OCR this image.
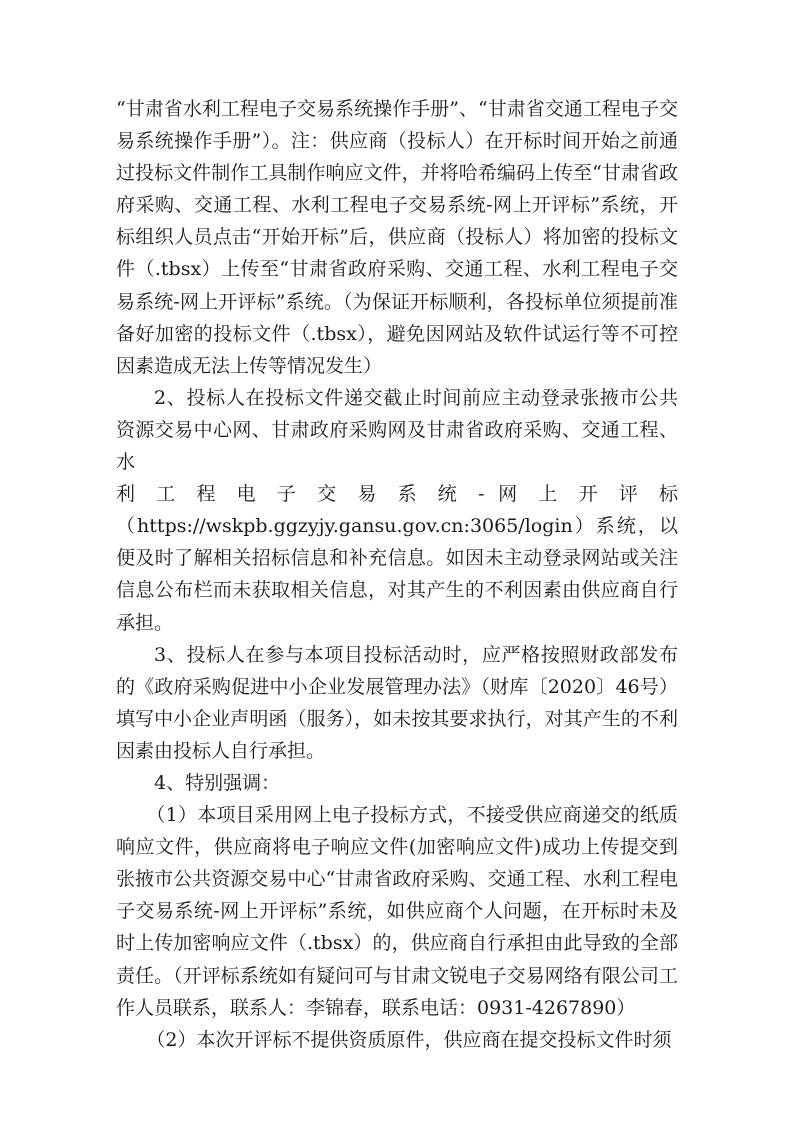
“甘肃省水利工程电子交易系统操作手册”、“甘肃省交通工程电子交易系统操作手册”）。注：供应商（投标人）在开标时间开始之前通过投标文件制作工具制作响应文件，并将哈希编码上传至“甘肃省政府采购、交通工程、水利工程电子交易系统-网上开评标”系统，开标组织人员点击“开始开标”后，供应商（投标人）将加密的投标文件（.tbsx）上传至“甘肃省政府采购、交通工程、水利工程电子交易系统-网上开评标”系统。（为保证开标顺利，各投标单位须提前准备好加密的投标文件（.tbsx），避免因网站及软件试运行等不可控因素造成无法上传等情况发生）

2、投标人在投标文件递交截止时间前应主动登录张掖市公共资源交易中心网、甘肃政府采购网及甘肃省政府采购、交通工程、水

利 工 程 电 子 交 易 系 统 - 网 上 开 评 标

（https://wskpb.ggzyjy.gansu.gov.cn:3065/login）系统，以便及时了解相关招标信息和补充信息。如因未主动登录网站或关注信息公布栏而未获取相关信息，对其产生的不利因素由供应商自行承担。

3、投标人在参与本项目投标活动时，应严格按照财政部发布的《政府采购促进中小企业发展管理办法》（财库〔2020〕46号）填写中小企业声明函（服务），如未按其要求执行，对其产生的不利因素由投标人自行承担。

4、特别强调：

（1）本项目采用网上电子投标方式，不接受供应商递交的纸质响应文件，供应商将电子响应文件(加密响应文件)成功上传提交到张掖市公共资源交易中心“甘肃省政府采购、交通工程、水利工程电子交易系统-网上开评标”系统，如供应商个人问题，在开标时未及时上传加密响应文件（.tbsx）的，供应商自行承担由此导致的全部责任。（开评标系统如有疑问可与甘肃文锐电子交易网络有限公司工作人员联系，联系人：李锦春，联系电话：0931-4267890）

（2）本次开评标不提供资质原件，供应商在提交投标文件时须
